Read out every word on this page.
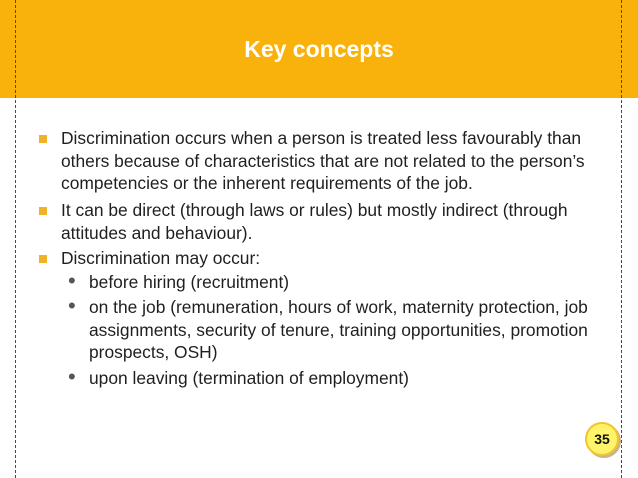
Key concepts
Discrimination occurs when a person is treated less favourably than
others because of characteristics that are not related to the person’s
competencies or the inherent requirements of the job.
It can be direct (through laws or rules) but mostly indirect (through
attitudes and behaviour).
Discrimination may occur:
• before hiring (recruitment)
• on the job (remuneration, hours of work, maternity protection, job
assignments, security of tenure, training opportunities, promotion
prospects, OSH)
• upon leaving (termination of employment)
35
